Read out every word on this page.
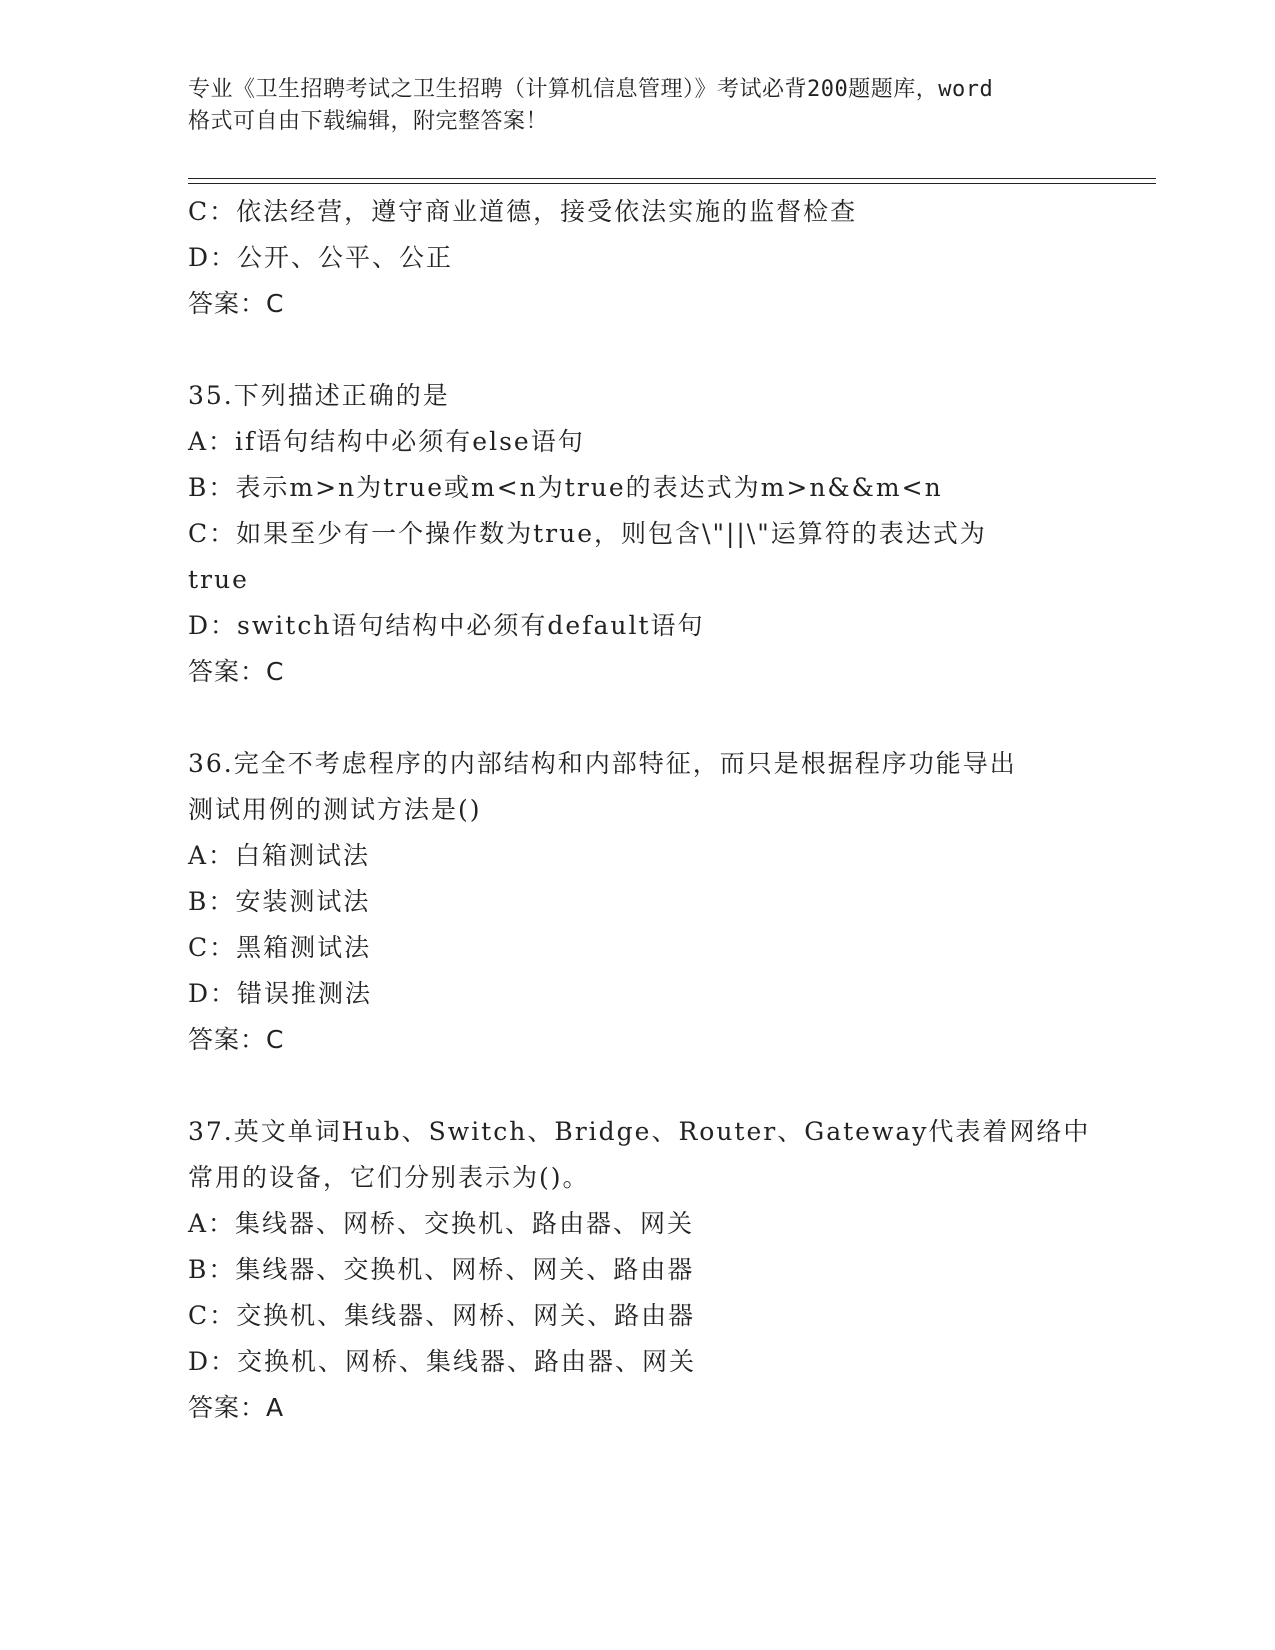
专业《卫生招聘考试之卫生招聘（计算机信息管理）》考试必背200题题库，word
格式可自由下载编辑，附完整答案！
C：依法经营，遵守商业道德，接受依法实施的监督检查
D：公开、公平、公正
答案：C
35.下列描述正确的是
A：if语句结构中必须有else语句
B：表示m>n为true或m<n为true的表达式为m>n&&m<n
C：如果至少有一个操作数为true，则包含\"||\"运算符的表达式为
true
D：switch语句结构中必须有default语句
答案：C
36.完全不考虑程序的内部结构和内部特征，而只是根据程序功能导出
测试用例的测试方法是()
A：白箱测试法
B：安装测试法
C：黑箱测试法
D：错误推测法
答案：C
37.英文单词Hub、Switch、Bridge、Router、Gateway代表着网络中
常用的设备，它们分别表示为()。
A：集线器、网桥、交换机、路由器、网关
B：集线器、交换机、网桥、网关、路由器
C：交换机、集线器、网桥、网关、路由器
D：交换机、网桥、集线器、路由器、网关
答案：A
